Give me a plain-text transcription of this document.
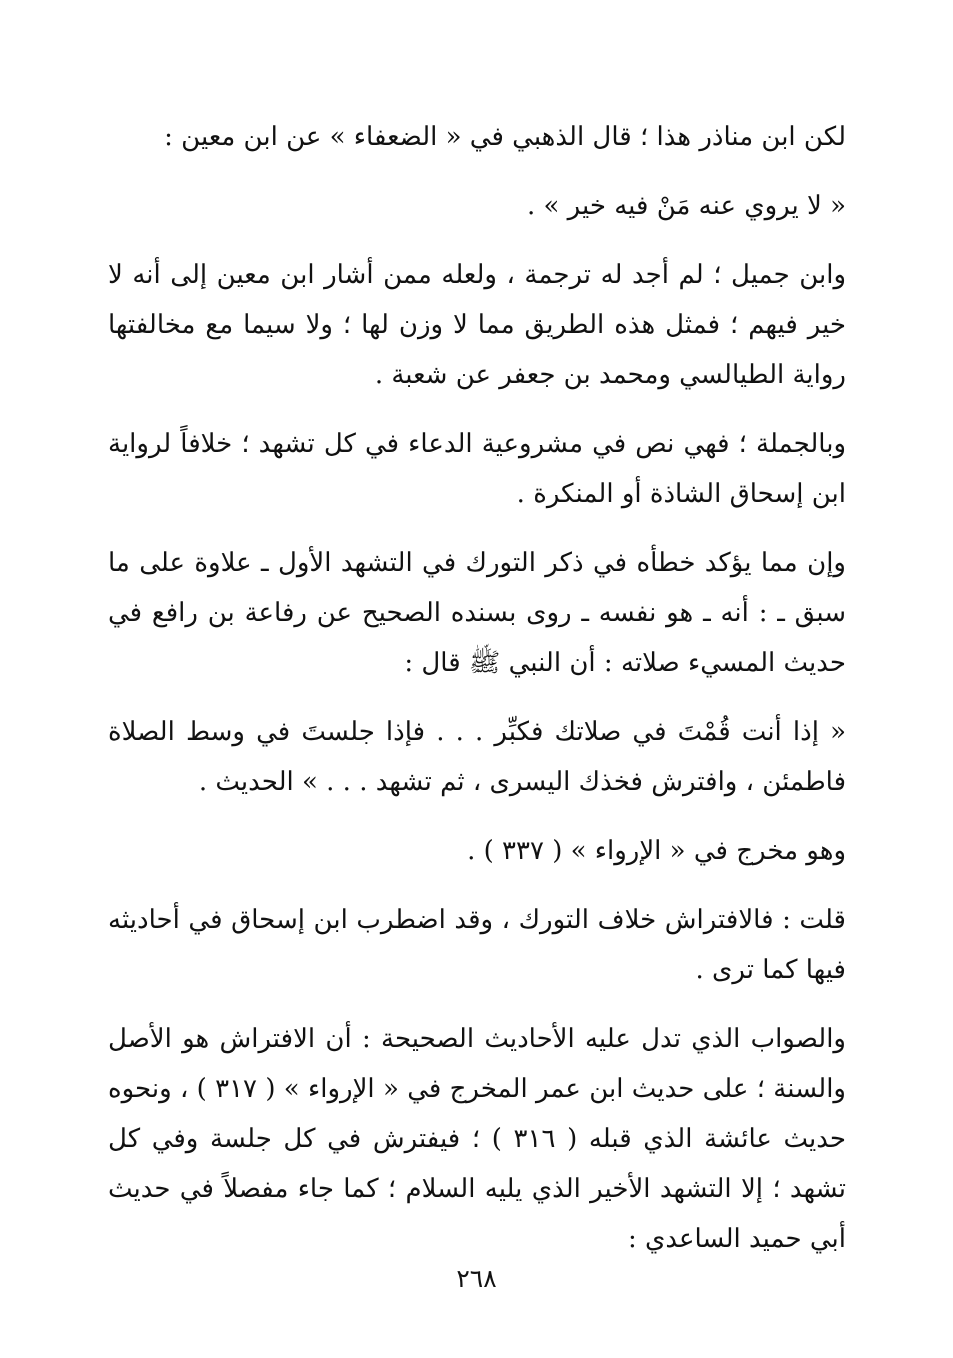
لكن ابن مناذر هذا ؛ قال الذهبي في « الضعفاء » عن ابن معين :

« لا يروي عنه مَنْ فيه خير » .

وابن جميل ؛ لم أجد له ترجمة ، ولعله ممن أشار ابن معين إلى أنه لا خير فيهم ؛ فمثل هذه الطريق مما لا وزن لها ؛ ولا سيما مع مخالفتها رواية الطيالسي ومحمد بن جعفر عن شعبة .

وبالجملة ؛ فهي نص في مشروعية الدعاء في كل تشهد ؛ خلافاً لرواية ابن إسحاق الشاذة أو المنكرة .

وإن مما يؤكد خطأه في ذكر التورك في التشهد الأول ـ علاوة على ما سبق ـ : أنه ـ هو نفسه ـ روى بسنده الصحيح عن رفاعة بن رافع في حديث المسيء صلاته : أن النبي ﷺ قال :

« إذا أنت قُمْتَ في صلاتك فكبِّر . . . فإذا جلستَ في وسط الصلاة فاطمئن ، وافترش فخذك اليسرى ، ثم تشهد . . . » الحديث .

وهو مخرج في « الإرواء » ( ٣٣٧ ) .

قلت : فالافتراش خلاف التورك ، وقد اضطرب ابن إسحاق في أحاديثه فيها كما ترى .

والصواب الذي تدل عليه الأحاديث الصحيحة : أن الافتراش هو الأصل والسنة ؛ على حديث ابن عمر المخرج في « الإرواء » ( ٣١٧ ) ، ونحوه حديث عائشة الذي قبله ( ٣١٦ ) ؛ فيفترش في كل جلسة وفي كل تشهد ؛ إلا التشهد الأخير الذي يليه السلام ؛ كما جاء مفصلاً في حديث أبي حميد الساعدي :

٢٦٨
